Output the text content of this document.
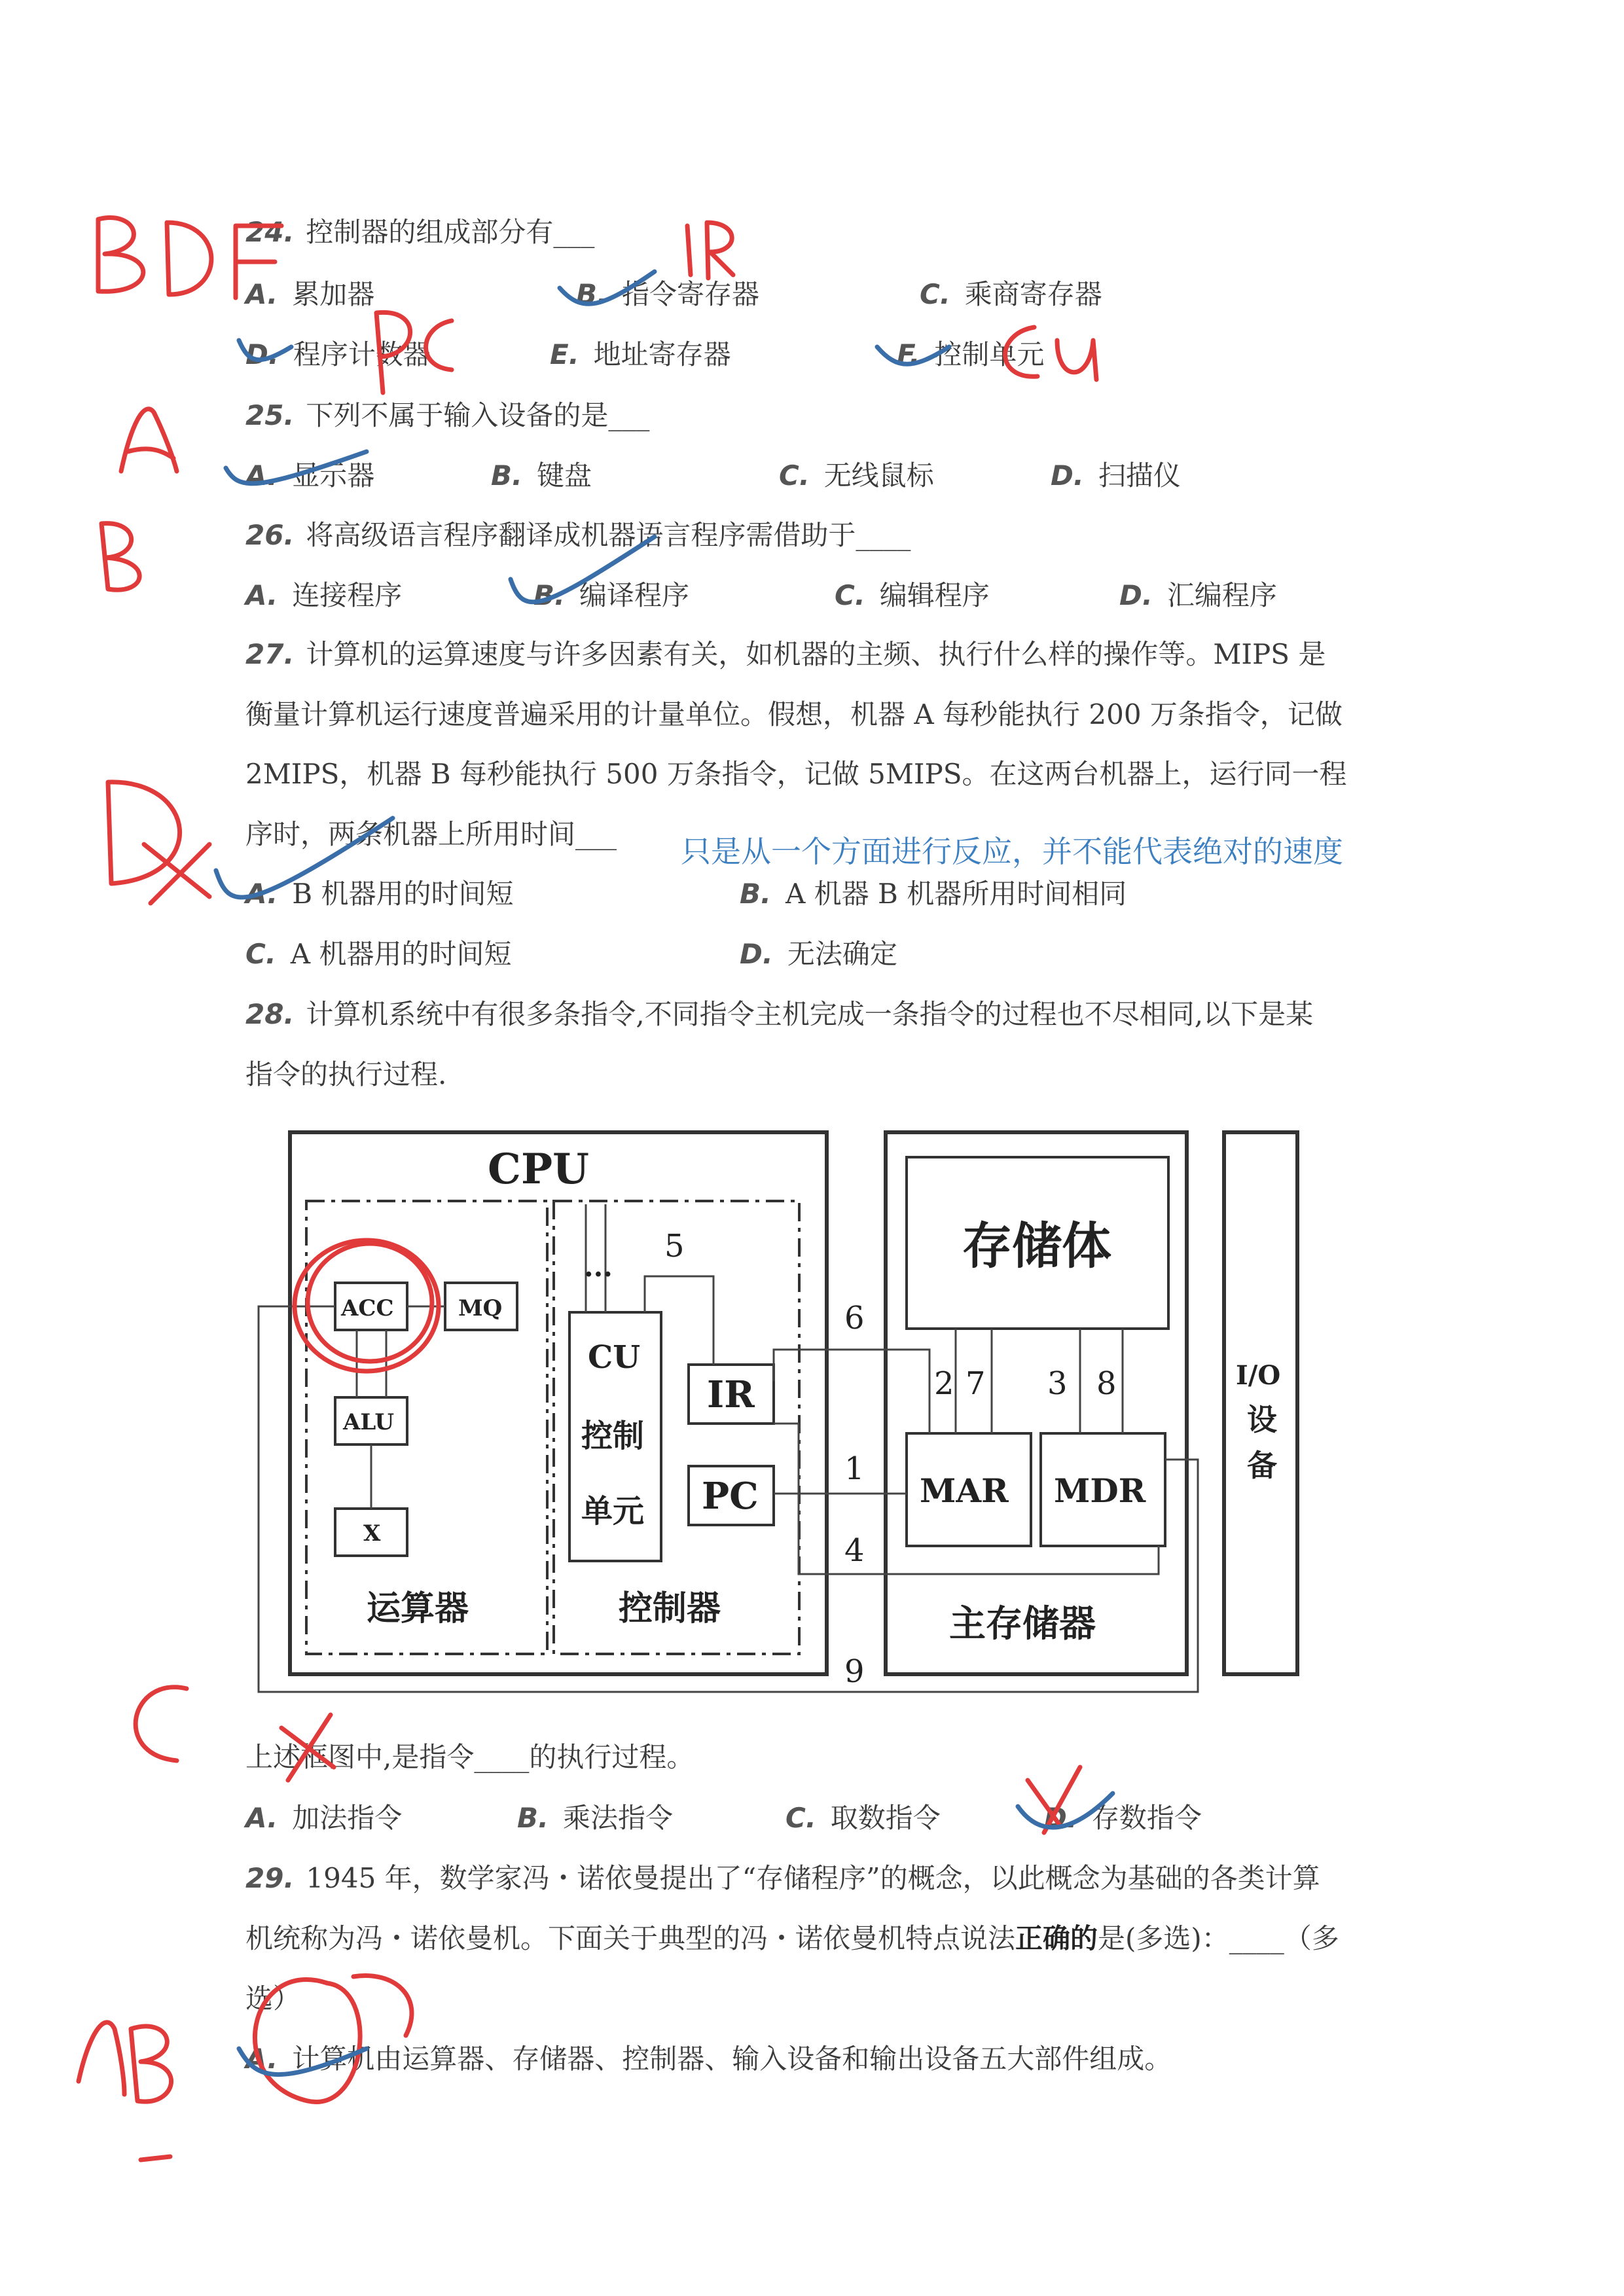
24. 控制器的组成部分有___
A. 累加器	B. 指令寄存器	C. 乘商寄存器
D. 程序计数器	E. 地址寄存器	F. 控制单元
25. 下列不属于输入设备的是___
A. 显示器	B. 键盘	C. 无线鼠标	D. 扫描仪
26. 将高级语言程序翻译成机器语言程序需借助于____
A. 连接程序	B. 编译程序	C. 编辑程序	D. 汇编程序
27. 计算机的运算速度与许多因素有关，如机器的主频、执行什么样的操作等。MIPS 是
衡量计算机运行速度普遍采用的计量单位。假想，机器 A 每秒能执行 200 万条指令，记做
2MIPS，机器 B 每秒能执行 500 万条指令，记做 5MIPS。在这两台机器上，运行同一程
序时，两条机器上所用时间___ 只是从一个方面进行反应，并不能代表绝对的速度
A. B 机器用的时间短	B. A 机器 B 机器所用时间相同
C. A 机器用的时间短	D. 无法确定
28. 计算机系统中有很多条指令,不同指令主机完成一条指令的过程也不尽相同,以下是某
指令的执行过程.
CPU
ACC	MQ
ALU
X
运算器
...
CU
控制
单元
IR
PC
控制器
存储体
MAR MDR
主存储器
I/O
设
备
1
2	3
4
5
6
7	8
9
上述框图中,是指令____的执行过程。
A. 加法指令	B. 乘法指令	C. 取数指令	D. 存数指令
29. 1945 年，数学家冯・诺依曼提出了“存储程序”的概念，以此概念为基础的各类计算
机统称为冯・诺依曼机。下面关于典型的冯・诺依曼机特点说法正确的是(多选)：____（多
选）
A. 计算机由运算器、存储器、控制器、输入设备和输出设备五大部件组成。
BDF
IR
PC
CU
A
B
D
C
AB
